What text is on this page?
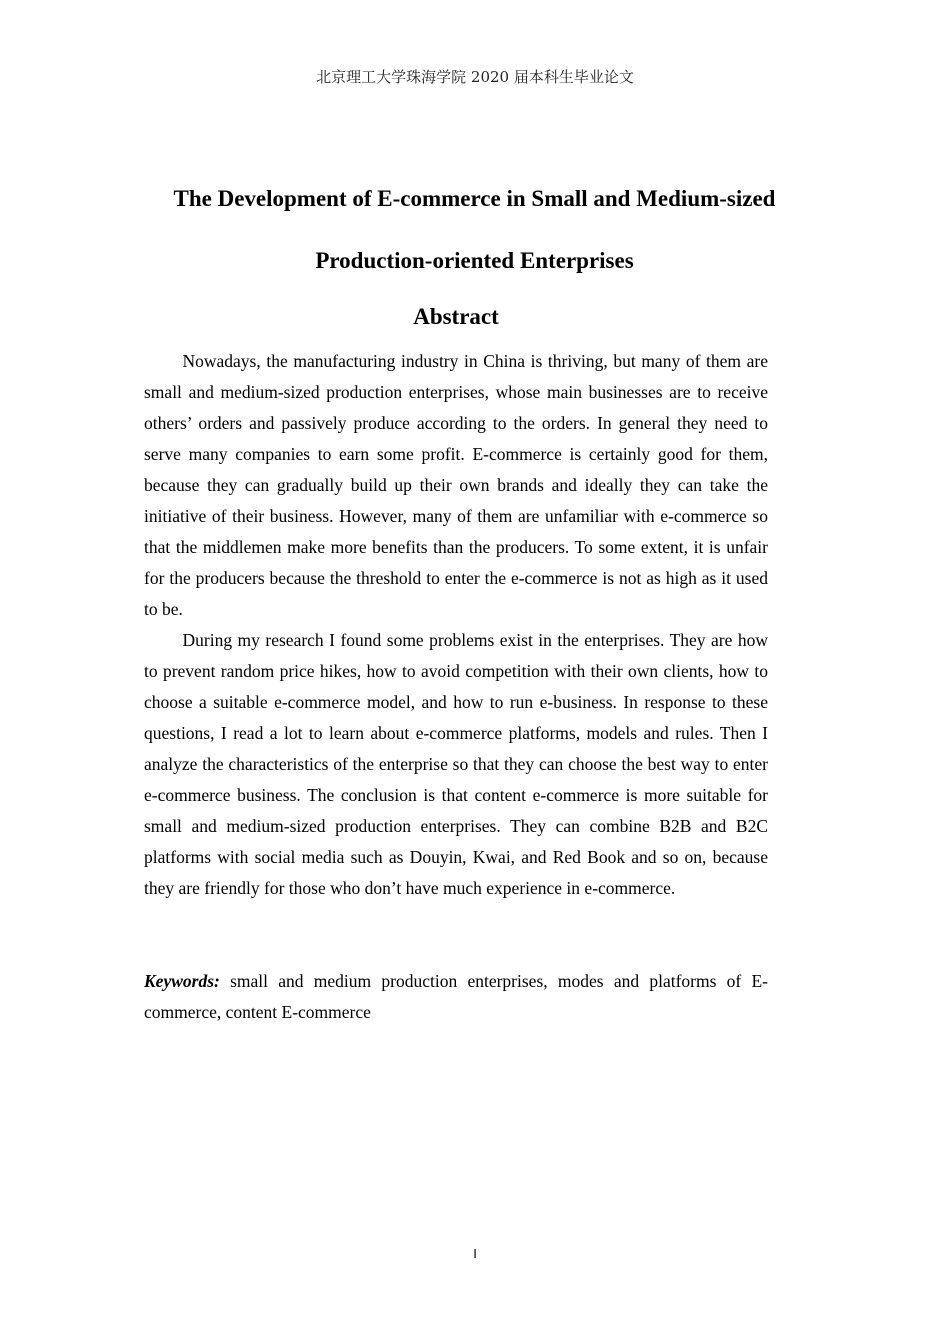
北京理工大学珠海学院 2020 届本科生毕业论文
The Development of E-commerce in Small and Medium-sized
Production-oriented Enterprises
Abstract

Nowadays, the manufacturing industry in China is thriving, but many of them are small and medium-sized production enterprises, whose main businesses are to receive others’ orders and passively produce according to the orders. In general they need to serve many companies to earn some profit. E-commerce is certainly good for them, because they can gradually build up their own brands and ideally they can take the initiative of their business. However, many of them are unfamiliar with e-commerce so that the middlemen make more benefits than the producers. To some extent, it is unfair for the producers because the threshold to enter the e-commerce is not as high as it used to be.

During my research I found some problems exist in the enterprises. They are how to prevent random price hikes, how to avoid competition with their own clients, how to choose a suitable e-commerce model, and how to run e-business. In response to these questions, I read a lot to learn about e-commerce platforms, models and rules. Then I analyze the characteristics of the enterprise so that they can choose the best way to enter e-commerce business. The conclusion is that content e-commerce is more suitable for small and medium-sized production enterprises. They can combine B2B and B2C platforms with social media such as Douyin, Kwai, and Red Book and so on, because they are friendly for those who don’t have much experience in e-commerce.

Keywords: small and medium production enterprises, modes and platforms of E-commerce, content E-commerce
I
